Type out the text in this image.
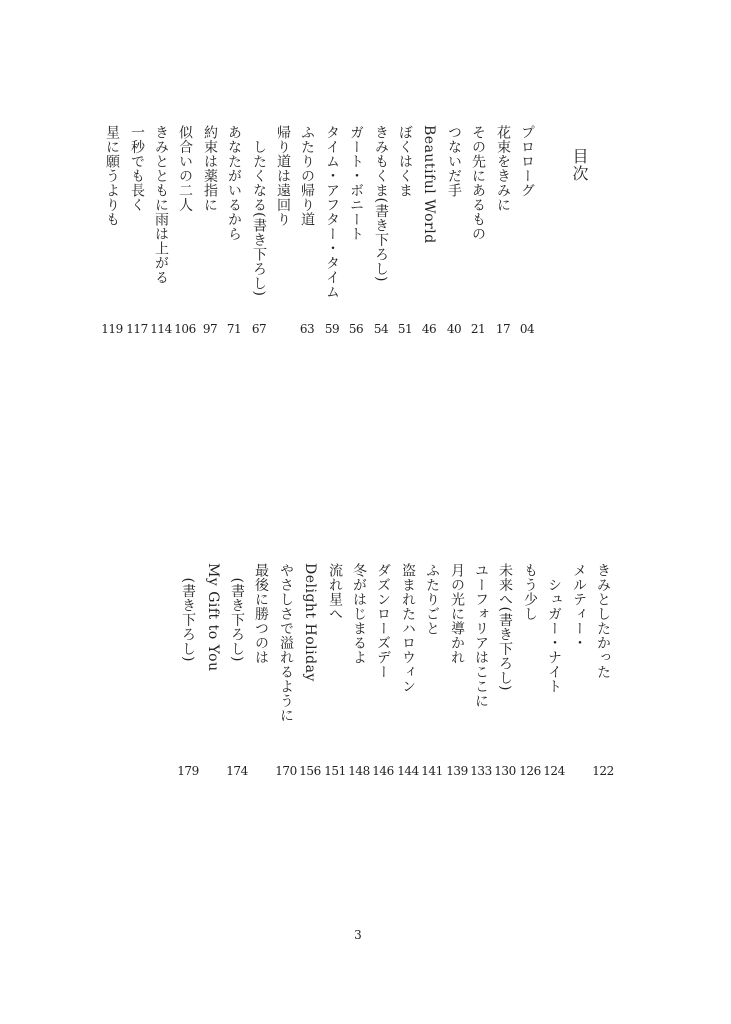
目次
プロローグ
04
花束をきみに
17
その先にあるもの
21
つないだ手
40
Beautiful World
46
ぼくはくま
51
きみもくま(書き下ろし)
54
ガート・ボニート
56
タイム・アフター・タイム
59
ふたりの帰り道
63
帰り道は遠回り
　したくなる(書き下ろし)
67
あなたがいるから
71
約束は薬指に
97
似合いの二人
106
きみとともに雨は上がる
114
一秒でも長く
117
星に願うよりも
119
きみとしたかった
122
メルティー・
　シュガー・ナイト
124
もう少し
126
未来へ(書き下ろし)
130
ユーフォリアはここに
133
月の光に導かれ
139
ふたりごと
141
盗まれたハロウィン
144
ダズンローズデー
146
冬がはじまるよ
148
流れ星へ
151
Delight Holiday
156
やさしさで溢れるように
170
最後に勝つのは
　(書き下ろし)
174
My Gift to You
　(書き下ろし)
179
3
